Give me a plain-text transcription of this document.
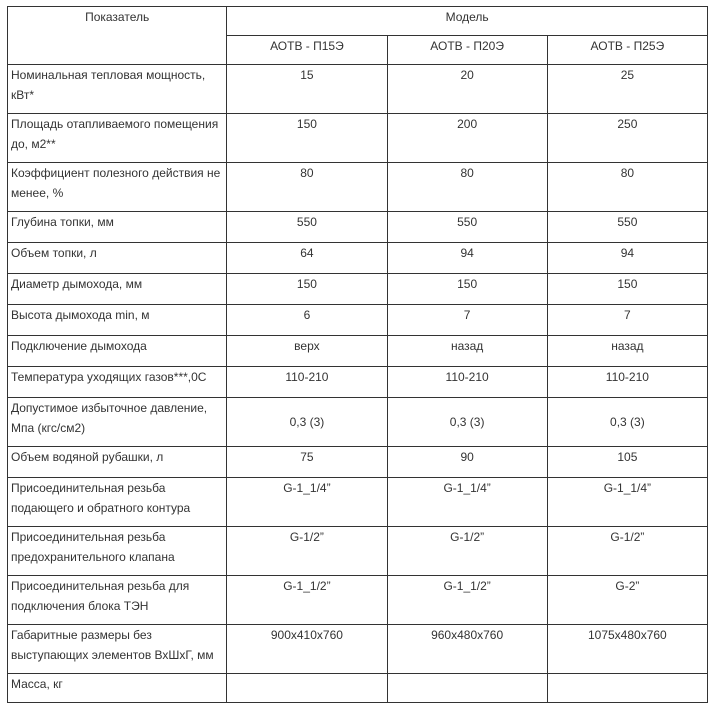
Показатель	Модель		
	АОТВ - П15Э	АОТВ - П20Э	АОТВ - П25Э
Номинальная тепловая мощность, кВт*	15	20	25
Площадь отапливаемого помещения до, м2**	150	200	250
Коэффициент полезного действия не менее, %	80	80	80
Глубина топки, мм	550	550	550
Объем топки, л	64	94	94
Диаметр дымохода, мм	150	150	150
Высота дымохода min, м	6	7	7
Подключение дымохода	верх	назад	назад
Температура уходящих газов***,0С	110-210	110-210	110-210
Допустимое избыточное давление, Мпа (кгс/см2)	0,3 (3)	0,3 (3)	0,3 (3)
Объем водяной рубашки, л	75	90	105
Присоединительная резьба подающего и обратного контура	G-1_1/4”	G-1_1/4”	G-1_1/4”
Присоединительная резьба предохранительного клапана	G-1/2”	G-1/2”	G-1/2”
Присоединительная резьба для подключения блока ТЭН	G-1_1/2”	G-1_1/2”	G-2”
Габаритные размеры без выступающих элементов ВхШхГ, мм	900х410х760	960х480х760	1075х480х760
Масса, кг			
